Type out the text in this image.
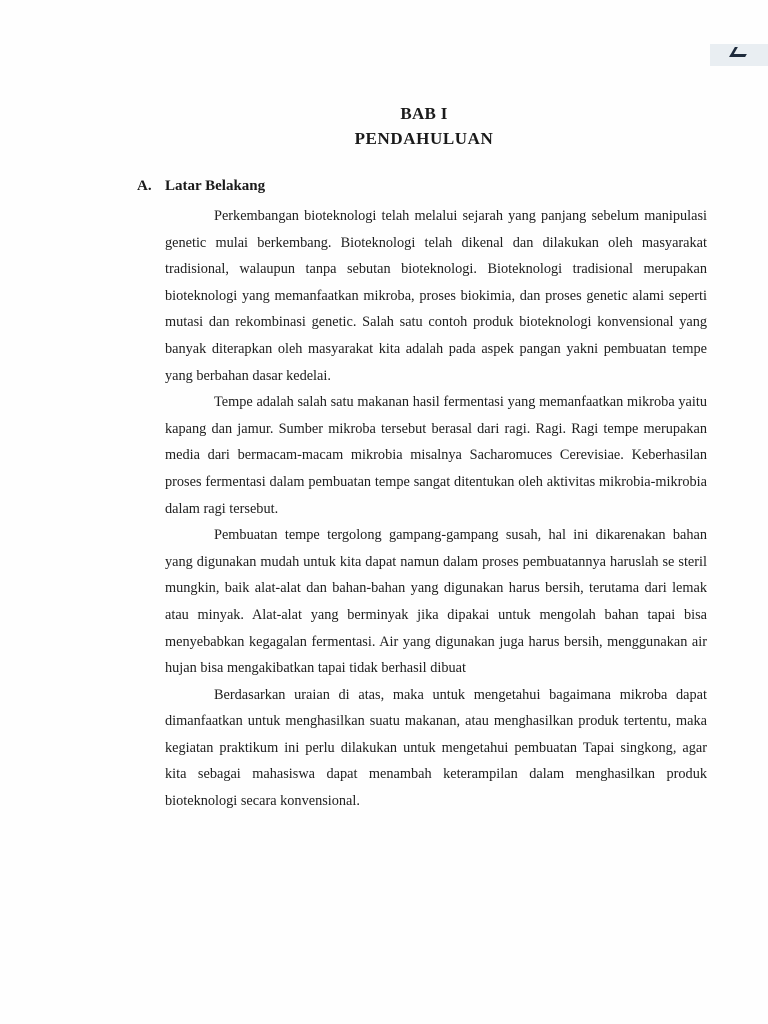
BAB I
PENDAHULUAN
A. Latar Belakang

Perkembangan bioteknologi telah melalui sejarah yang panjang sebelum manipulasi genetic mulai berkembang. Bioteknologi telah dikenal dan dilakukan oleh masyarakat tradisional, walaupun tanpa sebutan bioteknologi. Bioteknologi tradisional merupakan bioteknologi yang memanfaatkan mikroba, proses biokimia, dan proses genetic alami seperti mutasi dan rekombinasi genetic. Salah satu contoh produk bioteknologi konvensional yang banyak diterapkan oleh masyarakat kita adalah pada aspek pangan yakni pembuatan tempe yang berbahan dasar kedelai.

Tempe adalah salah satu makanan hasil fermentasi yang memanfaatkan mikroba yaitu kapang dan jamur. Sumber mikroba tersebut berasal dari ragi. Ragi. Ragi tempe merupakan media dari bermacam-macam mikrobia misalnya Sacharomuces Cerevisiae. Keberhasilan proses fermentasi dalam pembuatan tempe sangat ditentukan oleh aktivitas mikrobia-mikrobia dalam ragi tersebut.

Pembuatan tempe tergolong gampang-gampang susah, hal ini dikarenakan bahan yang digunakan mudah untuk kita dapat namun dalam proses pembuatannya haruslah se steril mungkin, baik alat-alat dan bahan-bahan yang digunakan harus bersih, terutama dari lemak atau minyak. Alat-alat yang berminyak jika dipakai untuk mengolah bahan tapai bisa menyebabkan kegagalan fermentasi. Air yang digunakan juga harus bersih, menggunakan air hujan bisa mengakibatkan tapai tidak berhasil dibuat

Berdasarkan uraian di atas, maka untuk mengetahui bagaimana mikroba dapat dimanfaatkan untuk menghasilkan suatu makanan, atau menghasilkan produk tertentu, maka kegiatan praktikum ini perlu dilakukan untuk mengetahui pembuatan Tapai singkong, agar kita sebagai mahasiswa dapat menambah keterampilan dalam menghasilkan produk bioteknologi secara konvensional.
